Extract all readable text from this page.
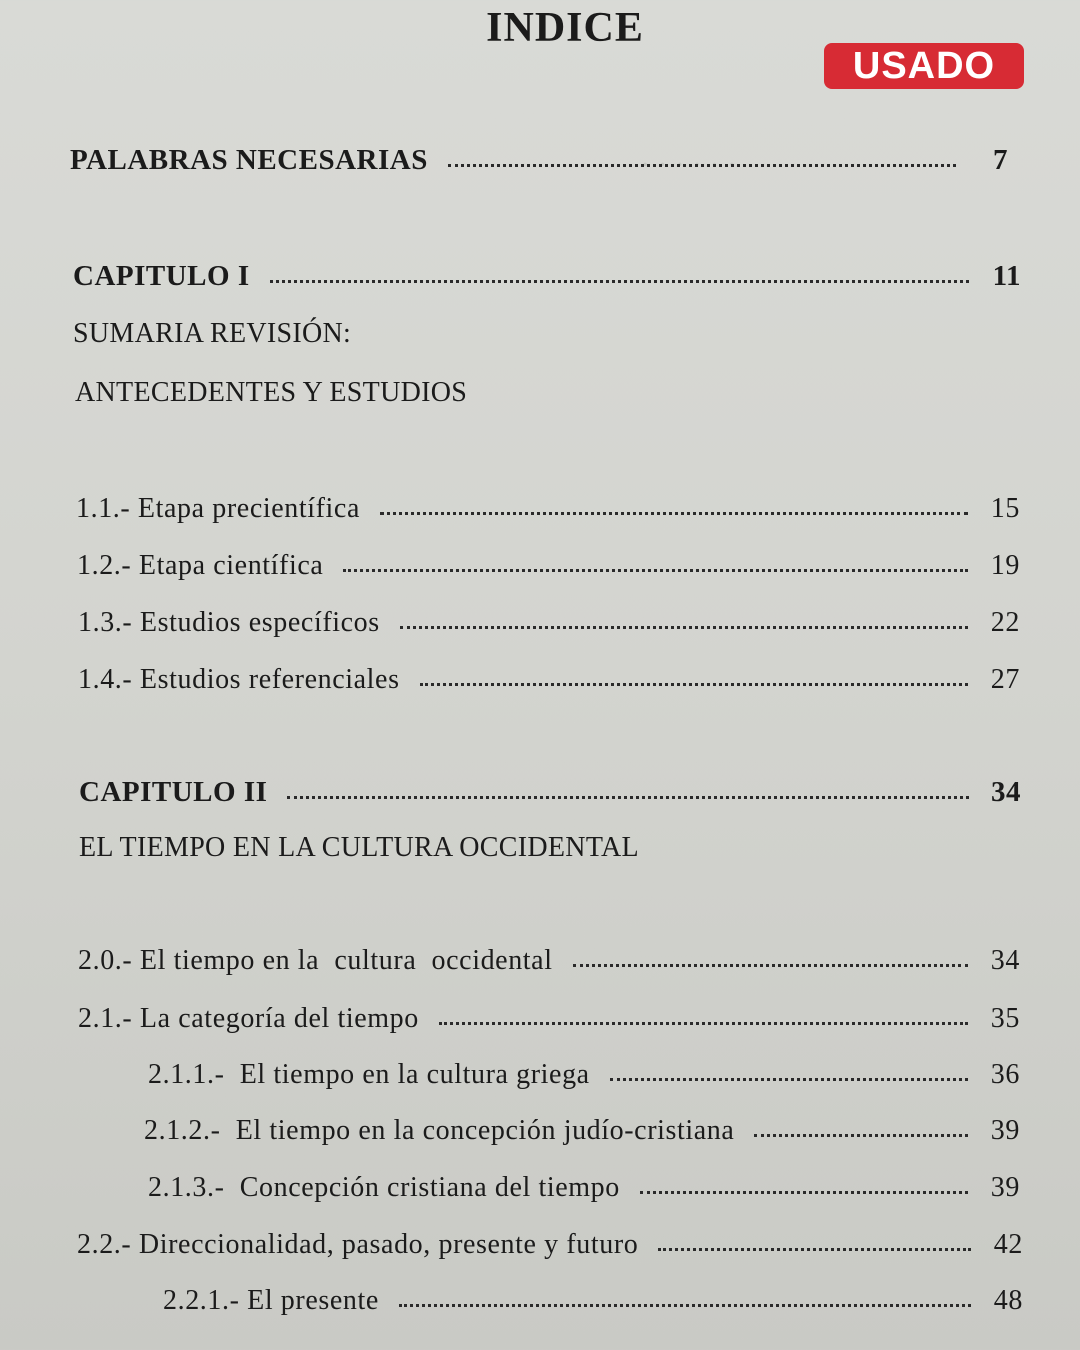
INDICE
USADO
· · · · · ·
PALABRAS NECESARIAS	7
CAPITULO I	11
SUMARIA REVISIÓN:
ANTECEDENTES Y ESTUDIOS
1.1.- Etapa precientífica	15
1.2.- Etapa científica	19
1.3.- Estudios específicos	22
1.4.- Estudios referenciales	27
CAPITULO II	34
EL TIEMPO EN LA CULTURA OCCIDENTAL
2.0.- El tiempo en la  cultura  occidental	34
2.1.- La categoría del tiempo	35
2.1.1.-  El tiempo en la cultura griega	36
2.1.2.-  El tiempo en la concepción judío-cristiana	39
2.1.3.-  Concepción cristiana del tiempo	39
2.2.- Direccionalidad, pasado, presente y futuro	42
2.2.1.- El presente	48
